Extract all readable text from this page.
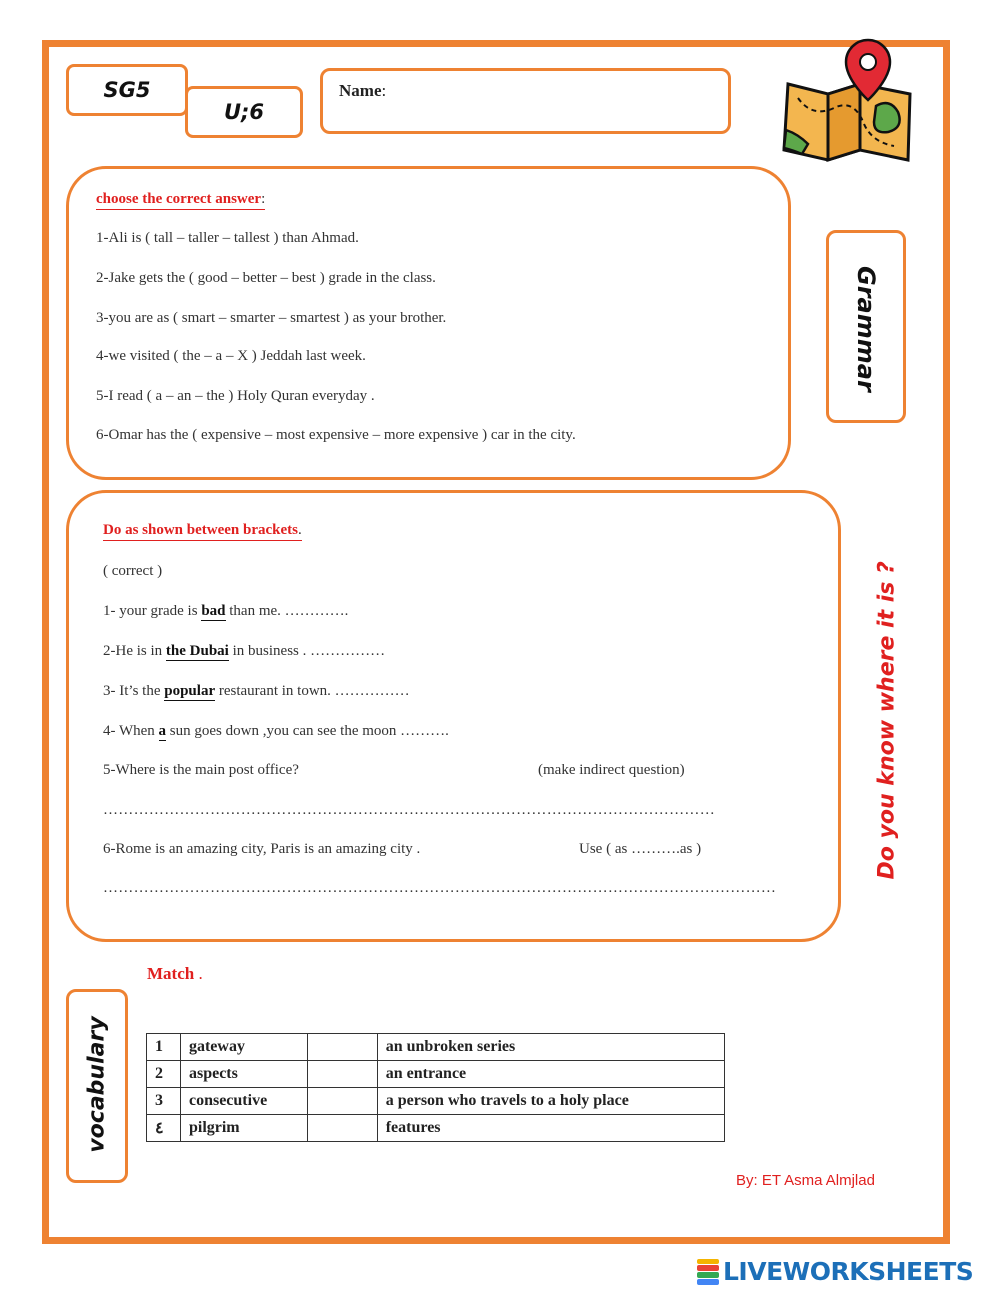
SG5
U;6
Name:
Grammar
choose the correct answer:
1-Ali is ( tall – taller – tallest ) than Ahmad.
2-Jake gets the ( good – better – best ) grade in the class.
3-you are as ( smart – smarter – smartest ) as your brother.
4-we visited ( the – a – X ) Jeddah last week.
5-I read ( a – an – the ) Holy Quran everyday .
6-Omar has the ( expensive – most expensive – more expensive ) car in the city.
Do as shown between brackets.
( correct )
1- your grade is bad than me. ………….
2-He is in the Dubai in business . ……………
3- It’s the popular restaurant in town. ……………
4- When a sun goes down ,you can see the moon ……….
5-Where is the main post office?	(make indirect question)
…………………………………………………………………………………………………………
6-Rome is an amazing city, Paris is an amazing city .	Use ( as ……….as )
……………………………………………………………………………………………………………………
Do you know where it is ?
Match .
vocabulary	1	gateway		an unbroken series
2	aspects		an entrance
3	consecutive		a person who travels to a holy place
٤	pilgrim		features
By: ET Asma Almjlad
LIVEWORKSHEETS
